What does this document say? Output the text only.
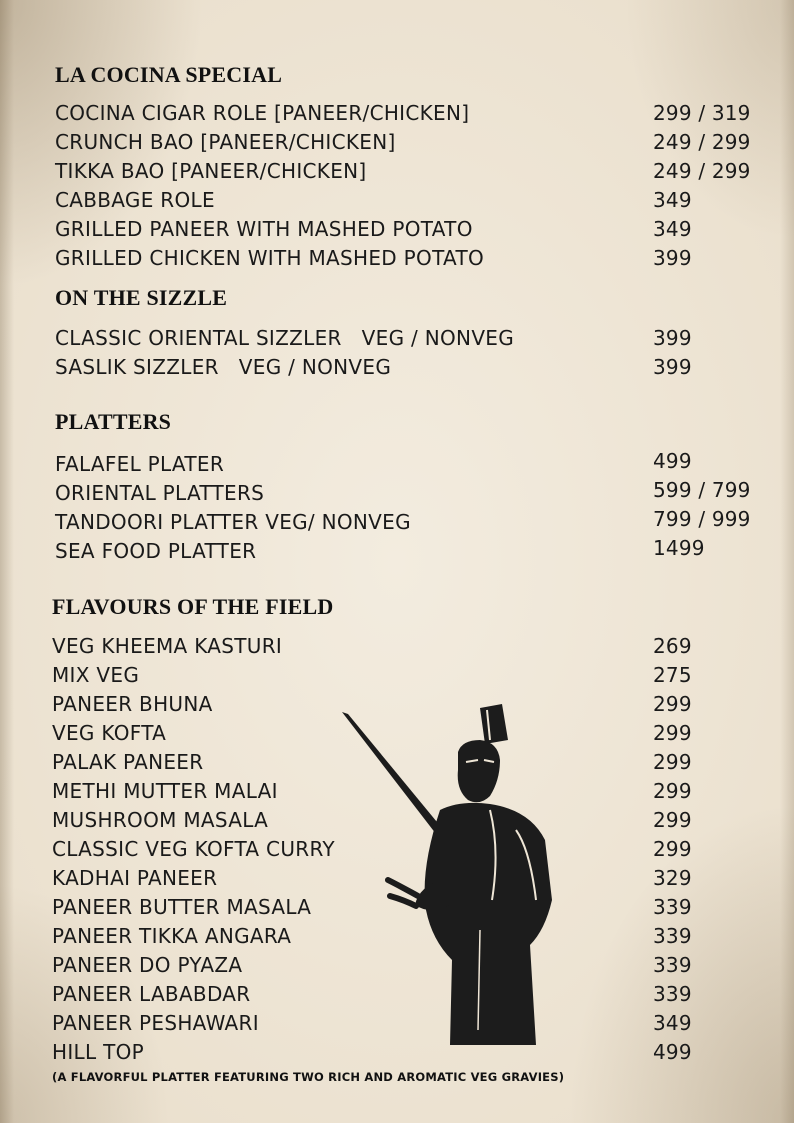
LA COCINA SPECIAL
COCINA CIGAR ROLE [PANEER/CHICKEN]	299 / 319
CRUNCH BAO [PANEER/CHICKEN]	249 / 299
TIKKA BAO [PANEER/CHICKEN]	249 / 299
CABBAGE ROLE	349
GRILLED PANEER WITH MASHED POTATO	349
GRILLED CHICKEN WITH MASHED POTATO	399
ON THE SIZZLE
CLASSIC ORIENTAL SIZZLER   VEG / NONVEG	399
SASLIK SIZZLER   VEG / NONVEG	399
PLATTERS
FALAFEL PLATER	499
ORIENTAL PLATTERS	599 / 799
TANDOORI PLATTER VEG/ NONVEG	799 / 999
SEA FOOD PLATTER	1499
FLAVOURS OF THE FIELD
VEG KHEEMA KASTURI	269
MIX VEG	275
PANEER BHUNA	299
VEG KOFTA	299
PALAK PANEER	299
METHI MUTTER MALAI	299
MUSHROOM MASALA	299
CLASSIC VEG KOFTA CURRY	299
KADHAI PANEER	329
PANEER BUTTER MASALA	339
PANEER TIKKA ANGARA	339
PANEER DO PYAZA	339
PANEER LABABDAR	339
PANEER PESHAWARI	349
HILL TOP	499
(A FLAVORFUL PLATTER FEATURING TWO RICH AND AROMATIC VEG GRAVIES)
